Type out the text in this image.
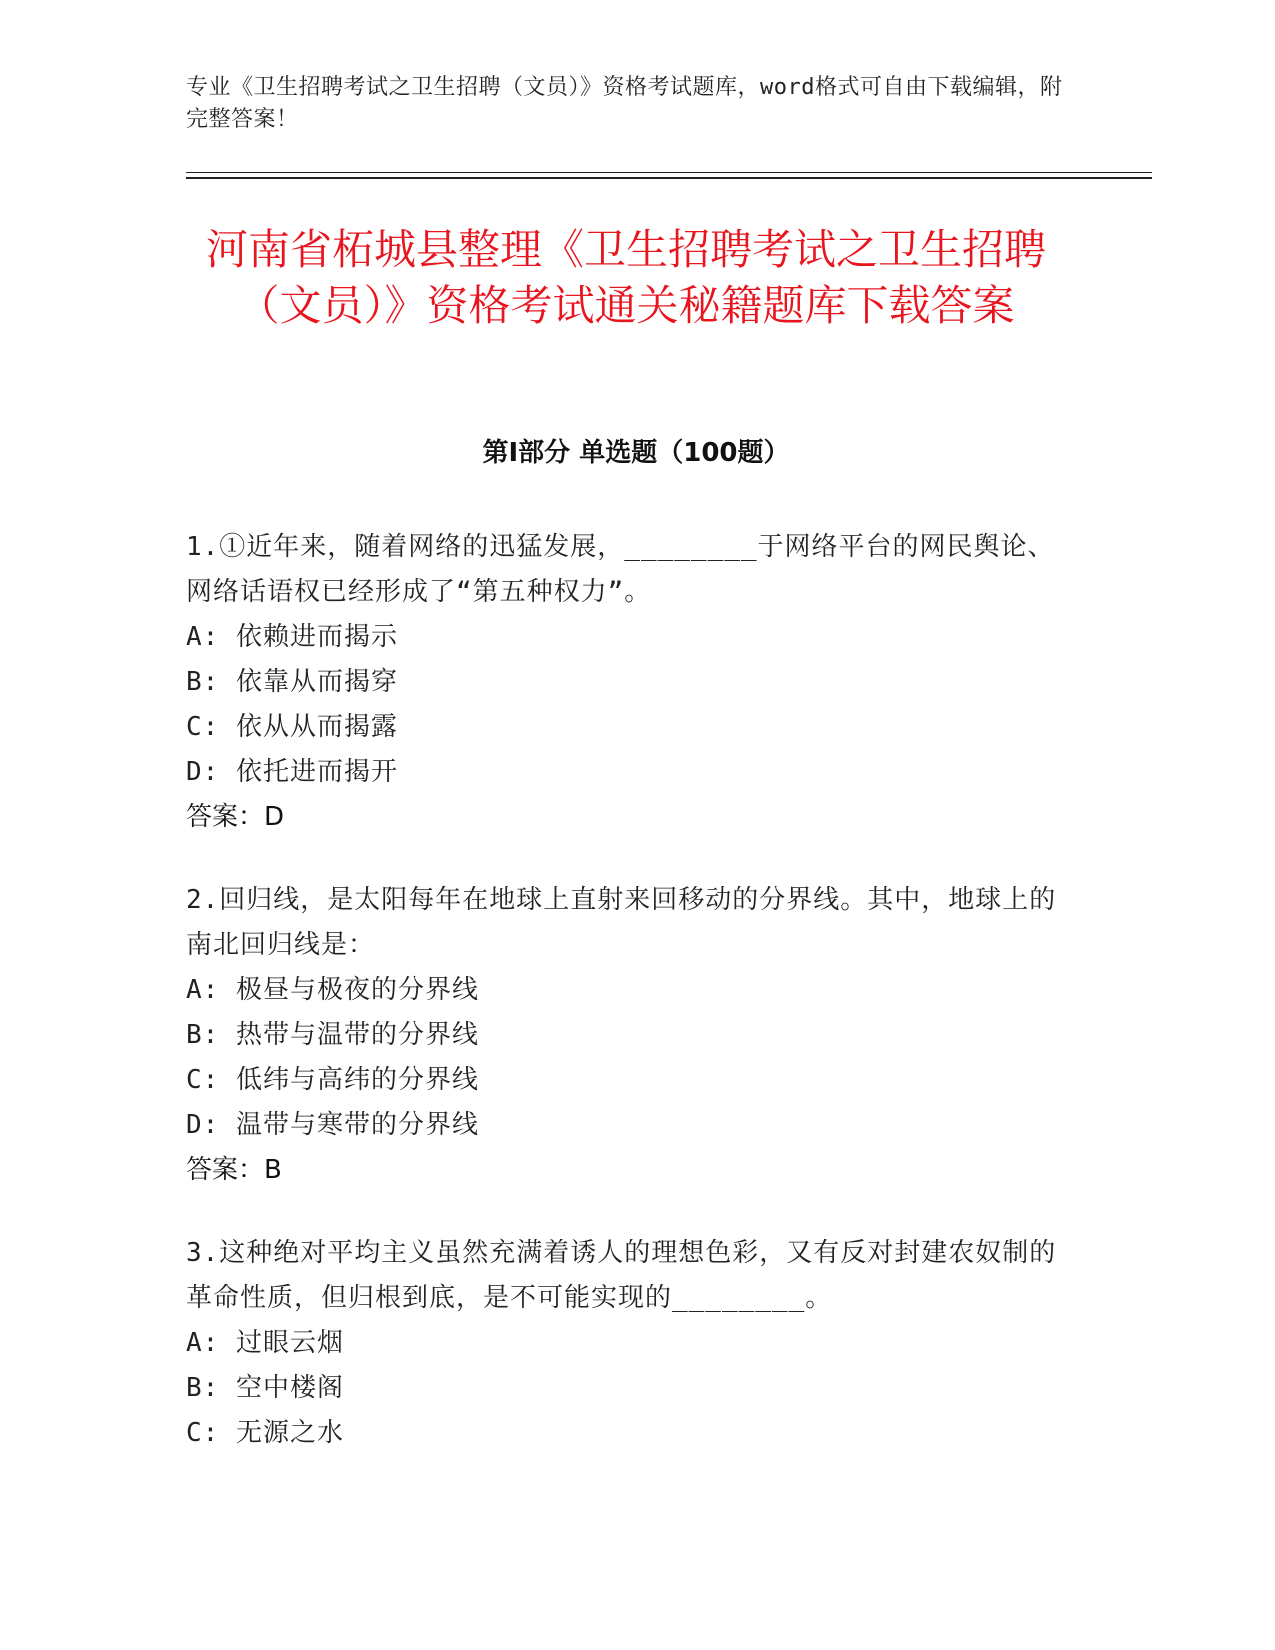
专业《卫生招聘考试之卫生招聘（文员）》资格考试题库，word格式可自由下载编辑，附完整答案！
河南省柘城县整理《卫生招聘考试之卫生招聘（文员）》资格考试通关秘籍题库下载答案
第Ⅰ部分 单选题（100题）

1.①近年来，随着网络的迅猛发展，________于网络平台的网民舆论、网络话语权已经形成了“第五种权力”。

A: 依赖进而揭示

B: 依靠从而揭穿

C: 依从从而揭露

D: 依托进而揭开

答案：D

2.回归线，是太阳每年在地球上直射来回移动的分界线。其中，地球上的南北回归线是：

A: 极昼与极夜的分界线

B: 热带与温带的分界线

C: 低纬与高纬的分界线

D: 温带与寒带的分界线

答案：B

3.这种绝对平均主义虽然充满着诱人的理想色彩，又有反对封建农奴制的革命性质，但归根到底，是不可能实现的________。

A: 过眼云烟

B: 空中楼阁

C: 无源之水
